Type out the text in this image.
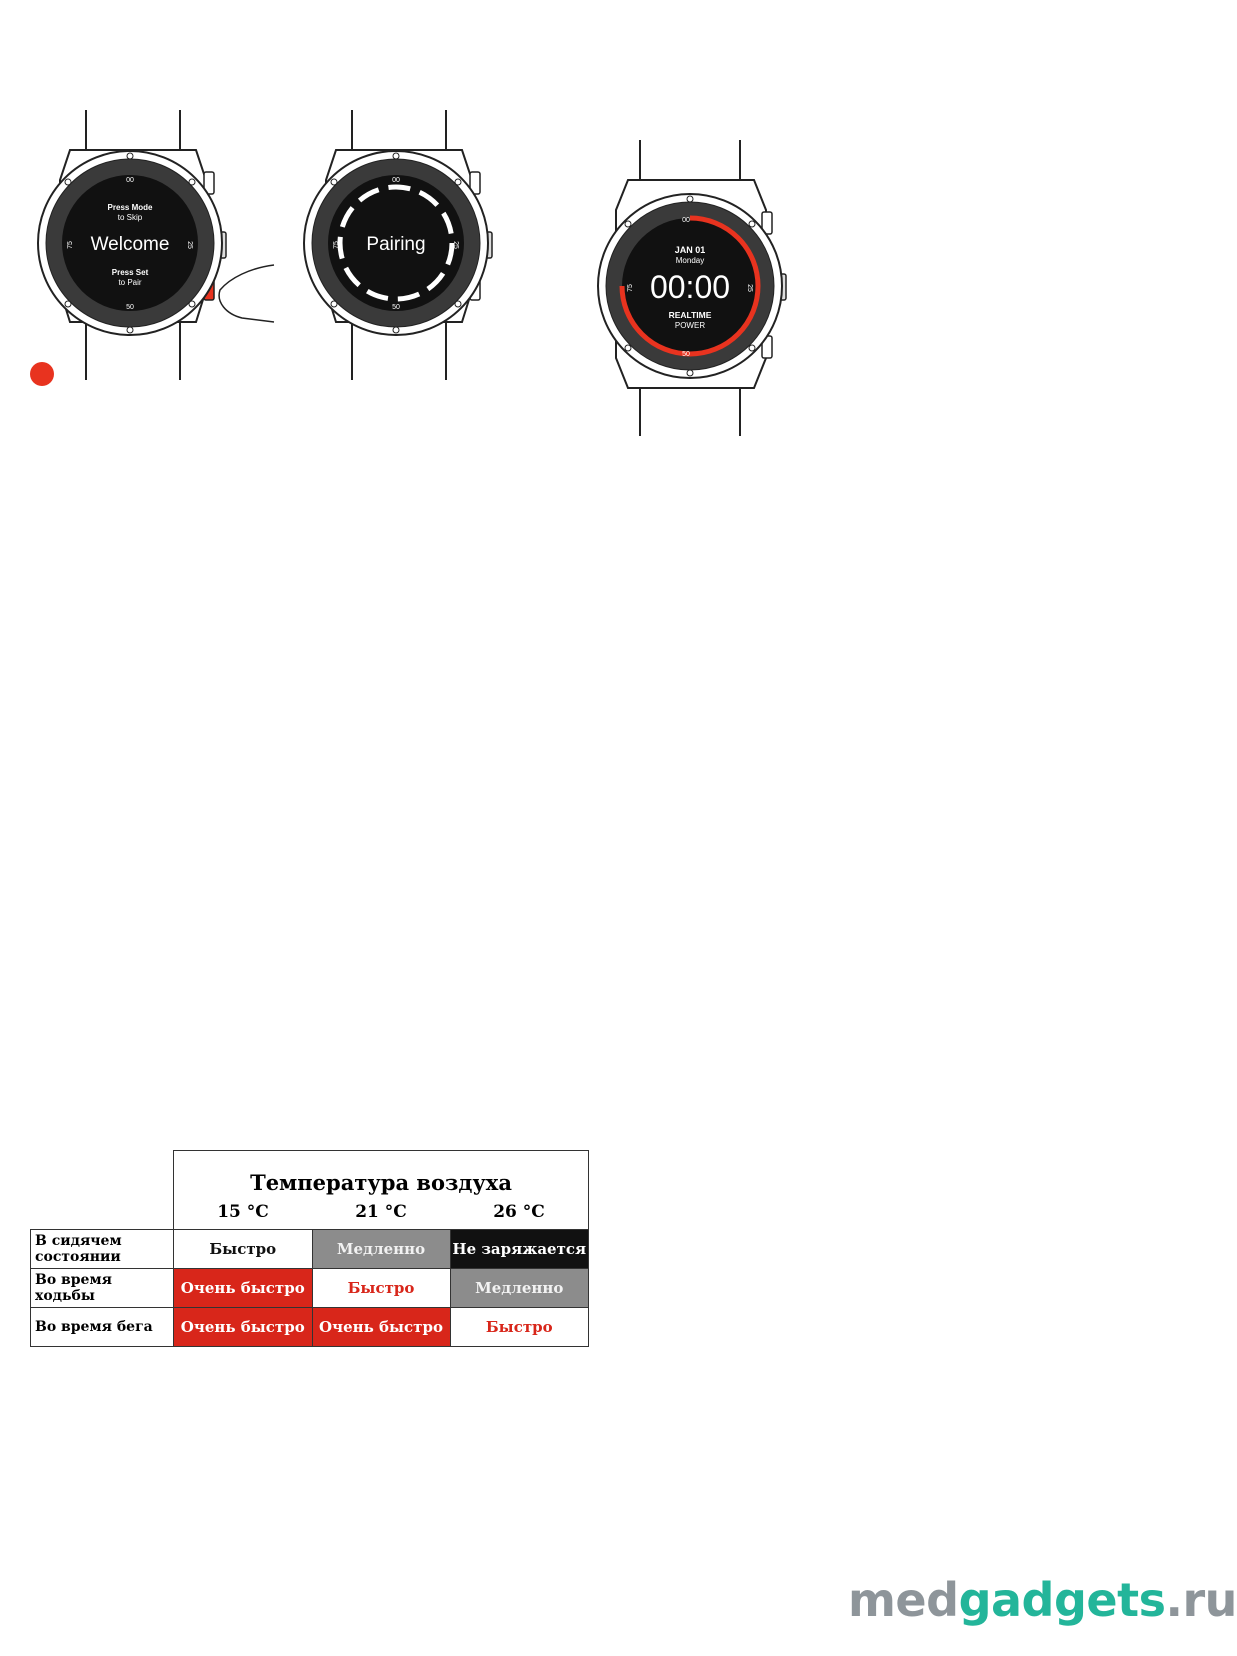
00
25
50
75
Press Mode
to Skip
Welcome
Press Set
to Pair
00
25
50
75 Pairing
00
25
50
75
JAN 01
Monday
00:00
REALTIME
POWER
	Температура воздуха		
	15 °C	21 °C	26 °C
В сидячем состоянии	Быстро	Медленно	Не заряжается
Во время ходьбы	Очень быстро	Быстро	Медленно
Во время бега	Очень быстро	Очень быстро	Быстро
medgadgets.ru
